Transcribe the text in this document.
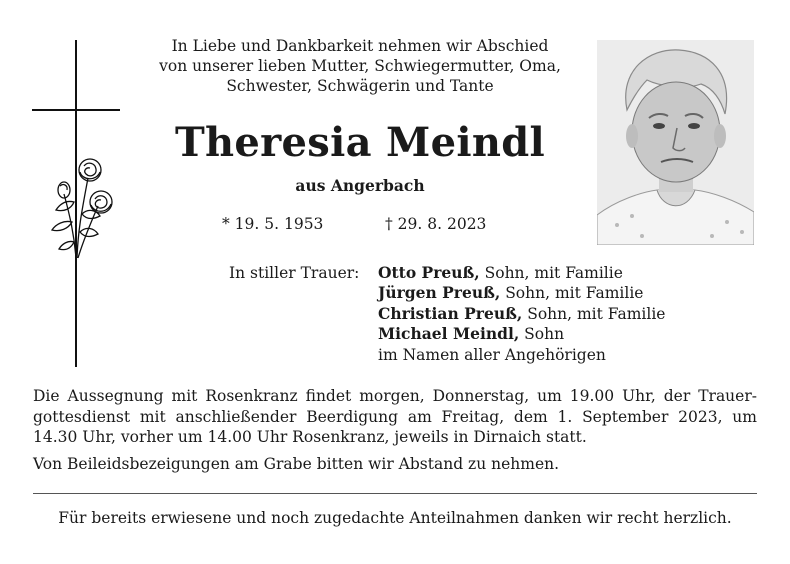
In Liebe und Dankbarkeit nehmen wir Abschied
von unserer lieben Mutter, Schwiegermutter, Oma,
Schwester, Schwägerin und Tante
Theresia Meindl
aus Angerbach
* 19. 5. 1953	† 29. 8. 2023
In stiller Trauer: Otto Preuß, Sohn, mit Familie
Jürgen Preuß, Sohn, mit Familie
Christian Preuß, Sohn, mit Familie
Michael Meindl, Sohn
im Namen aller Angehörigen

Die Aussegnung mit Rosenkranz findet morgen, Donnerstag, um 19.00 Uhr, der Trauer-gottesdienst mit anschließender Beerdigung am Freitag, dem 1. September 2023, um 14.30 Uhr, vorher um 14.00 Uhr Rosenkranz, jeweils in Dirnaich statt.

Von Beileidsbezeigungen am Grabe bitten wir Abstand zu nehmen.

Für bereits erwiesene und noch zugedachte Anteilnahmen danken wir recht herzlich.
